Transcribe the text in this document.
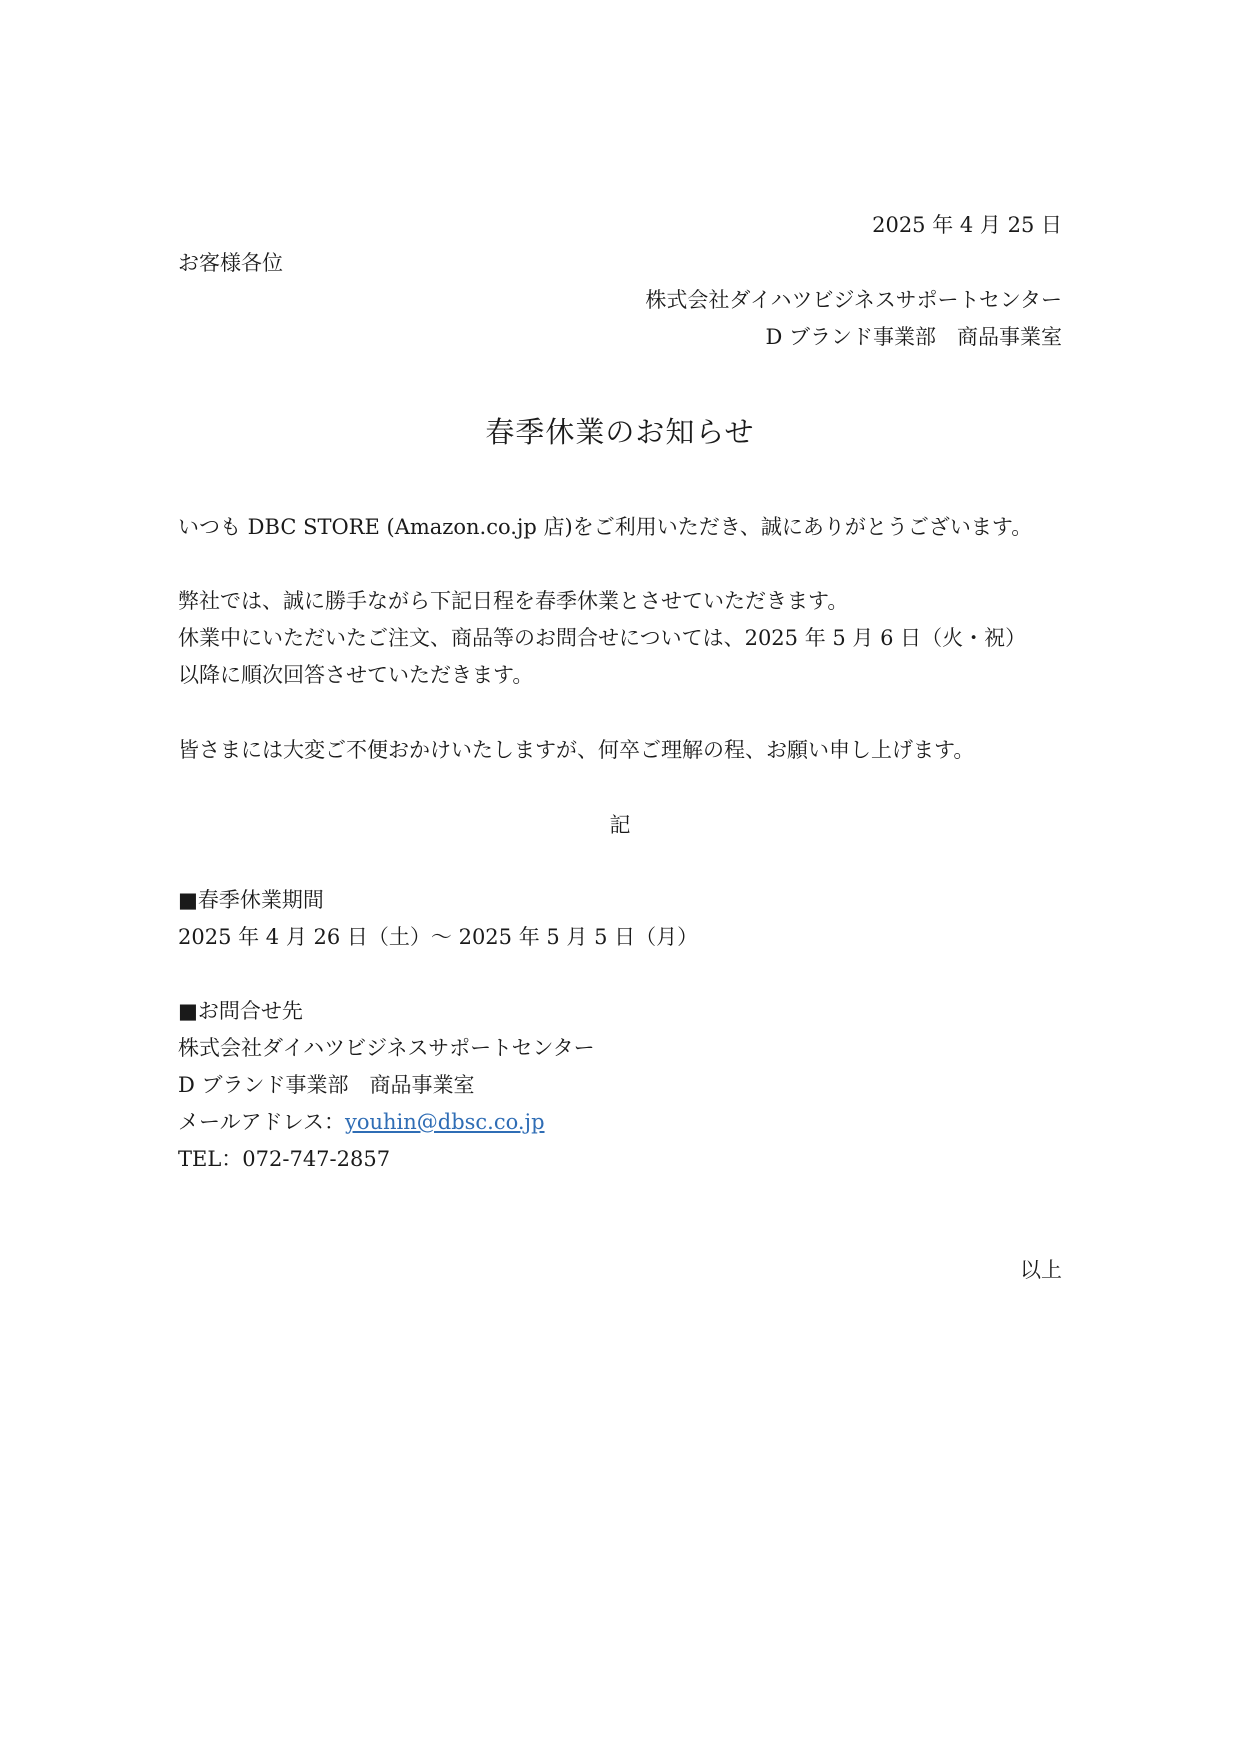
2025 年 4 月 25 日
お客様各位
株式会社ダイハツビジネスサポートセンター
D ブランド事業部　商品事業室
春季休業のお知らせ
いつも DBC STORE (Amazon.co.jp 店)をご利用いただき、誠にありがとうございます。
弊社では、誠に勝手ながら下記日程を春季休業とさせていただきます。
休業中にいただいたご注文、商品等のお問合せについては、2025 年 5 月 6 日（火・祝）
以降に順次回答させていただきます。
皆さまには大変ご不便おかけいたしますが、何卒ご理解の程、お願い申し上げます。
記
■春季休業期間
2025 年 4 月 26 日（土）～ 2025 年 5 月 5 日（月）
■お問合せ先
株式会社ダイハツビジネスサポートセンター
D ブランド事業部　商品事業室
メールアドレス：youhin@dbsc.co.jp
TEL：072-747-2857
以上
